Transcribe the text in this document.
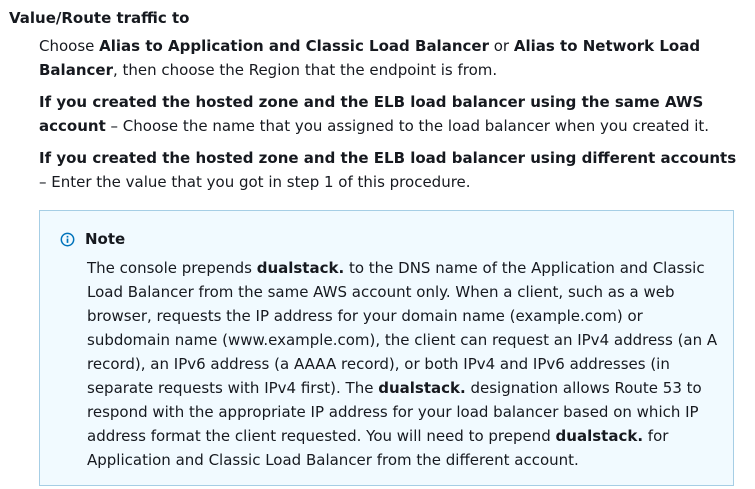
Value/Route traffic to

Choose Alias to Application and Classic Load Balancer or Alias to Network Load Balancer, then choose the Region that the endpoint is from.

If you created the hosted zone and the ELB load balancer using the same AWS account – Choose the name that you assigned to the load balancer when you created it.

If you created the hosted zone and the ELB load balancer using different accounts – Enter the value that you got in step 1 of this procedure.

Note

The console prepends dualstack. to the DNS name of the Application and Classic Load Balancer from the same AWS account only. When a client, such as a web browser, requests the IP address for your domain name (example.com) or subdomain name (www.example.com), the client can request an IPv4 address (an A record), an IPv6 address (a AAAA record), or both IPv4 and IPv6 addresses (in separate requests with IPv4 first). The dualstack. designation allows Route 53 to respond with the appropriate IP address for your load balancer based on which IP address format the client requested. You will need to prepend dualstack. for Application and Classic Load Balancer from the different account.
